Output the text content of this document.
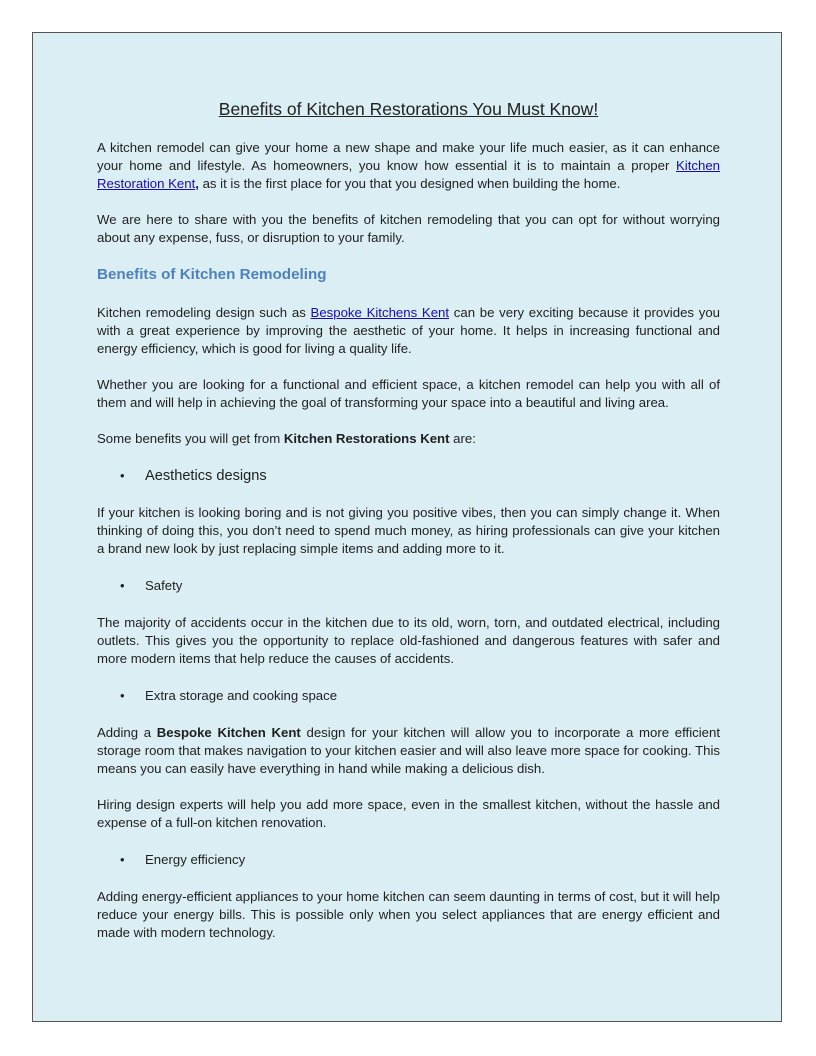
Benefits of Kitchen Restorations You Must Know!

A kitchen remodel can give your home a new shape and make your life much easier, as it can enhance your home and lifestyle. As homeowners, you know how essential it is to maintain a proper Kitchen Restoration Kent, as it is the first place for you that you designed when building the home.

We are here to share with you the benefits of kitchen remodeling that you can opt for without worrying about any expense, fuss, or disruption to your family.

Benefits of Kitchen Remodeling

Kitchen remodeling design such as Bespoke Kitchens Kent can be very exciting because it provides you with a great experience by improving the aesthetic of your home. It helps in increasing functional and energy efficiency, which is good for living a quality life.

Whether you are looking for a functional and efficient space, a kitchen remodel can help you with all of them and will help in achieving the goal of transforming your space into a beautiful and living area.

Some benefits you will get from Kitchen Restorations Kent are:

• Aesthetics designs

If your kitchen is looking boring and is not giving you positive vibes, then you can simply change it. When thinking of doing this, you don’t need to spend much money, as hiring professionals can give your kitchen a brand new look by just replacing simple items and adding more to it.

• Safety

The majority of accidents occur in the kitchen due to its old, worn, torn, and outdated electrical, including outlets. This gives you the opportunity to replace old-fashioned and dangerous features with safer and more modern items that help reduce the causes of accidents.

• Extra storage and cooking space

Adding a Bespoke Kitchen Kent design for your kitchen will allow you to incorporate a more efficient storage room that makes navigation to your kitchen easier and will also leave more space for cooking. This means you can easily have everything in hand while making a delicious dish.

Hiring design experts will help you add more space, even in the smallest kitchen, without the hassle and expense of a full-on kitchen renovation.

• Energy efficiency

Adding energy-efficient appliances to your home kitchen can seem daunting in terms of cost, but it will help reduce your energy bills. This is possible only when you select appliances that are energy efficient and made with modern technology.
